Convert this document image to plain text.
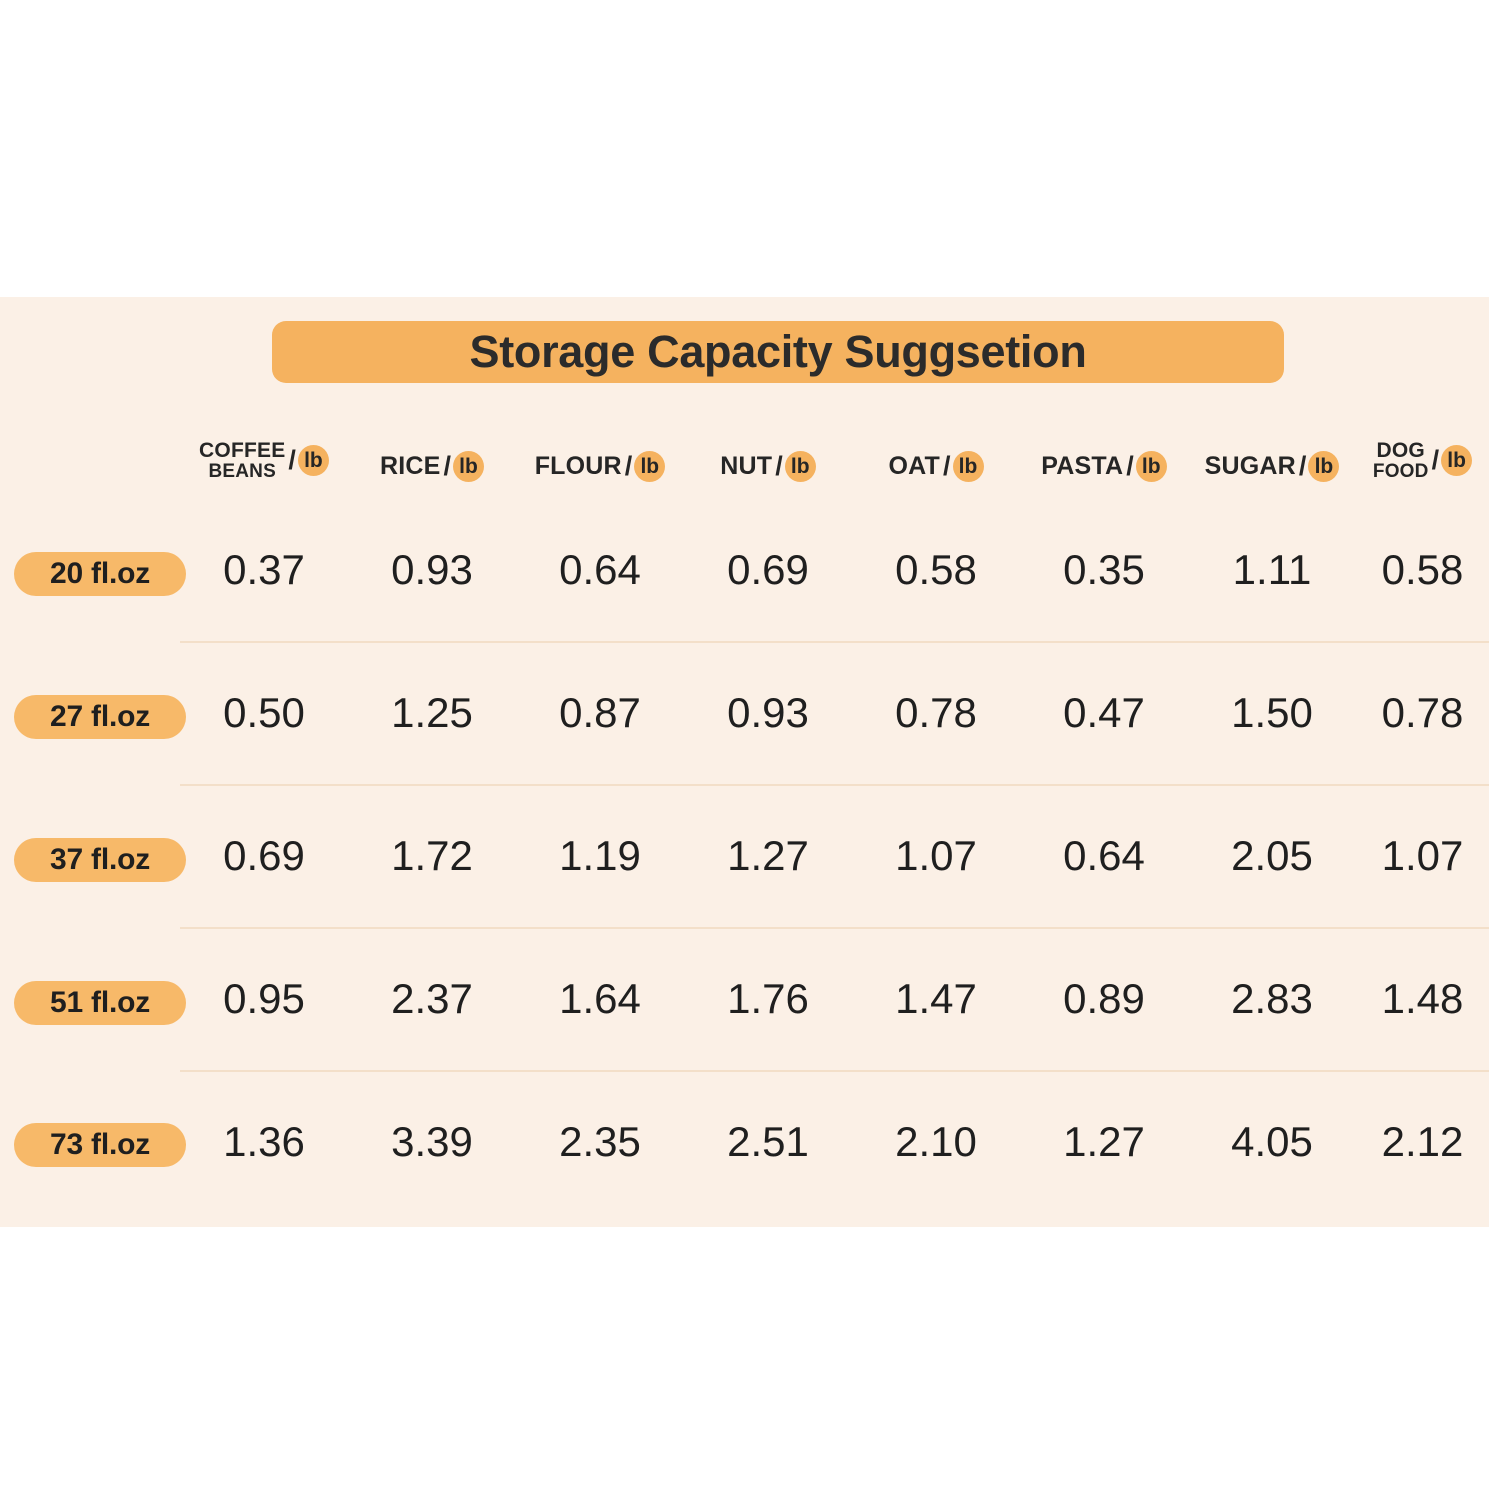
Storage Capacity Suggsetion

	COFFEE
BEANS / lb	RICE / lb	FLOUR / lb	NUT / lb	OAT / lb	PASTA / lb	SUGAR / lb	DOG
FOOD / lb

20 fl.oz	0.37	0.93	0.64	0.69	0.58	0.35	1.11	0.58
27 fl.oz	0.50	1.25	0.87	0.93	0.78	0.47	1.50	0.78
37 fl.oz	0.69	1.72	1.19	1.27	1.07	0.64	2.05	1.07
51 fl.oz	0.95	2.37	1.64	1.76	1.47	0.89	2.83	1.48
73 fl.oz	1.36	3.39	2.35	2.51	2.10	1.27	4.05	2.12
